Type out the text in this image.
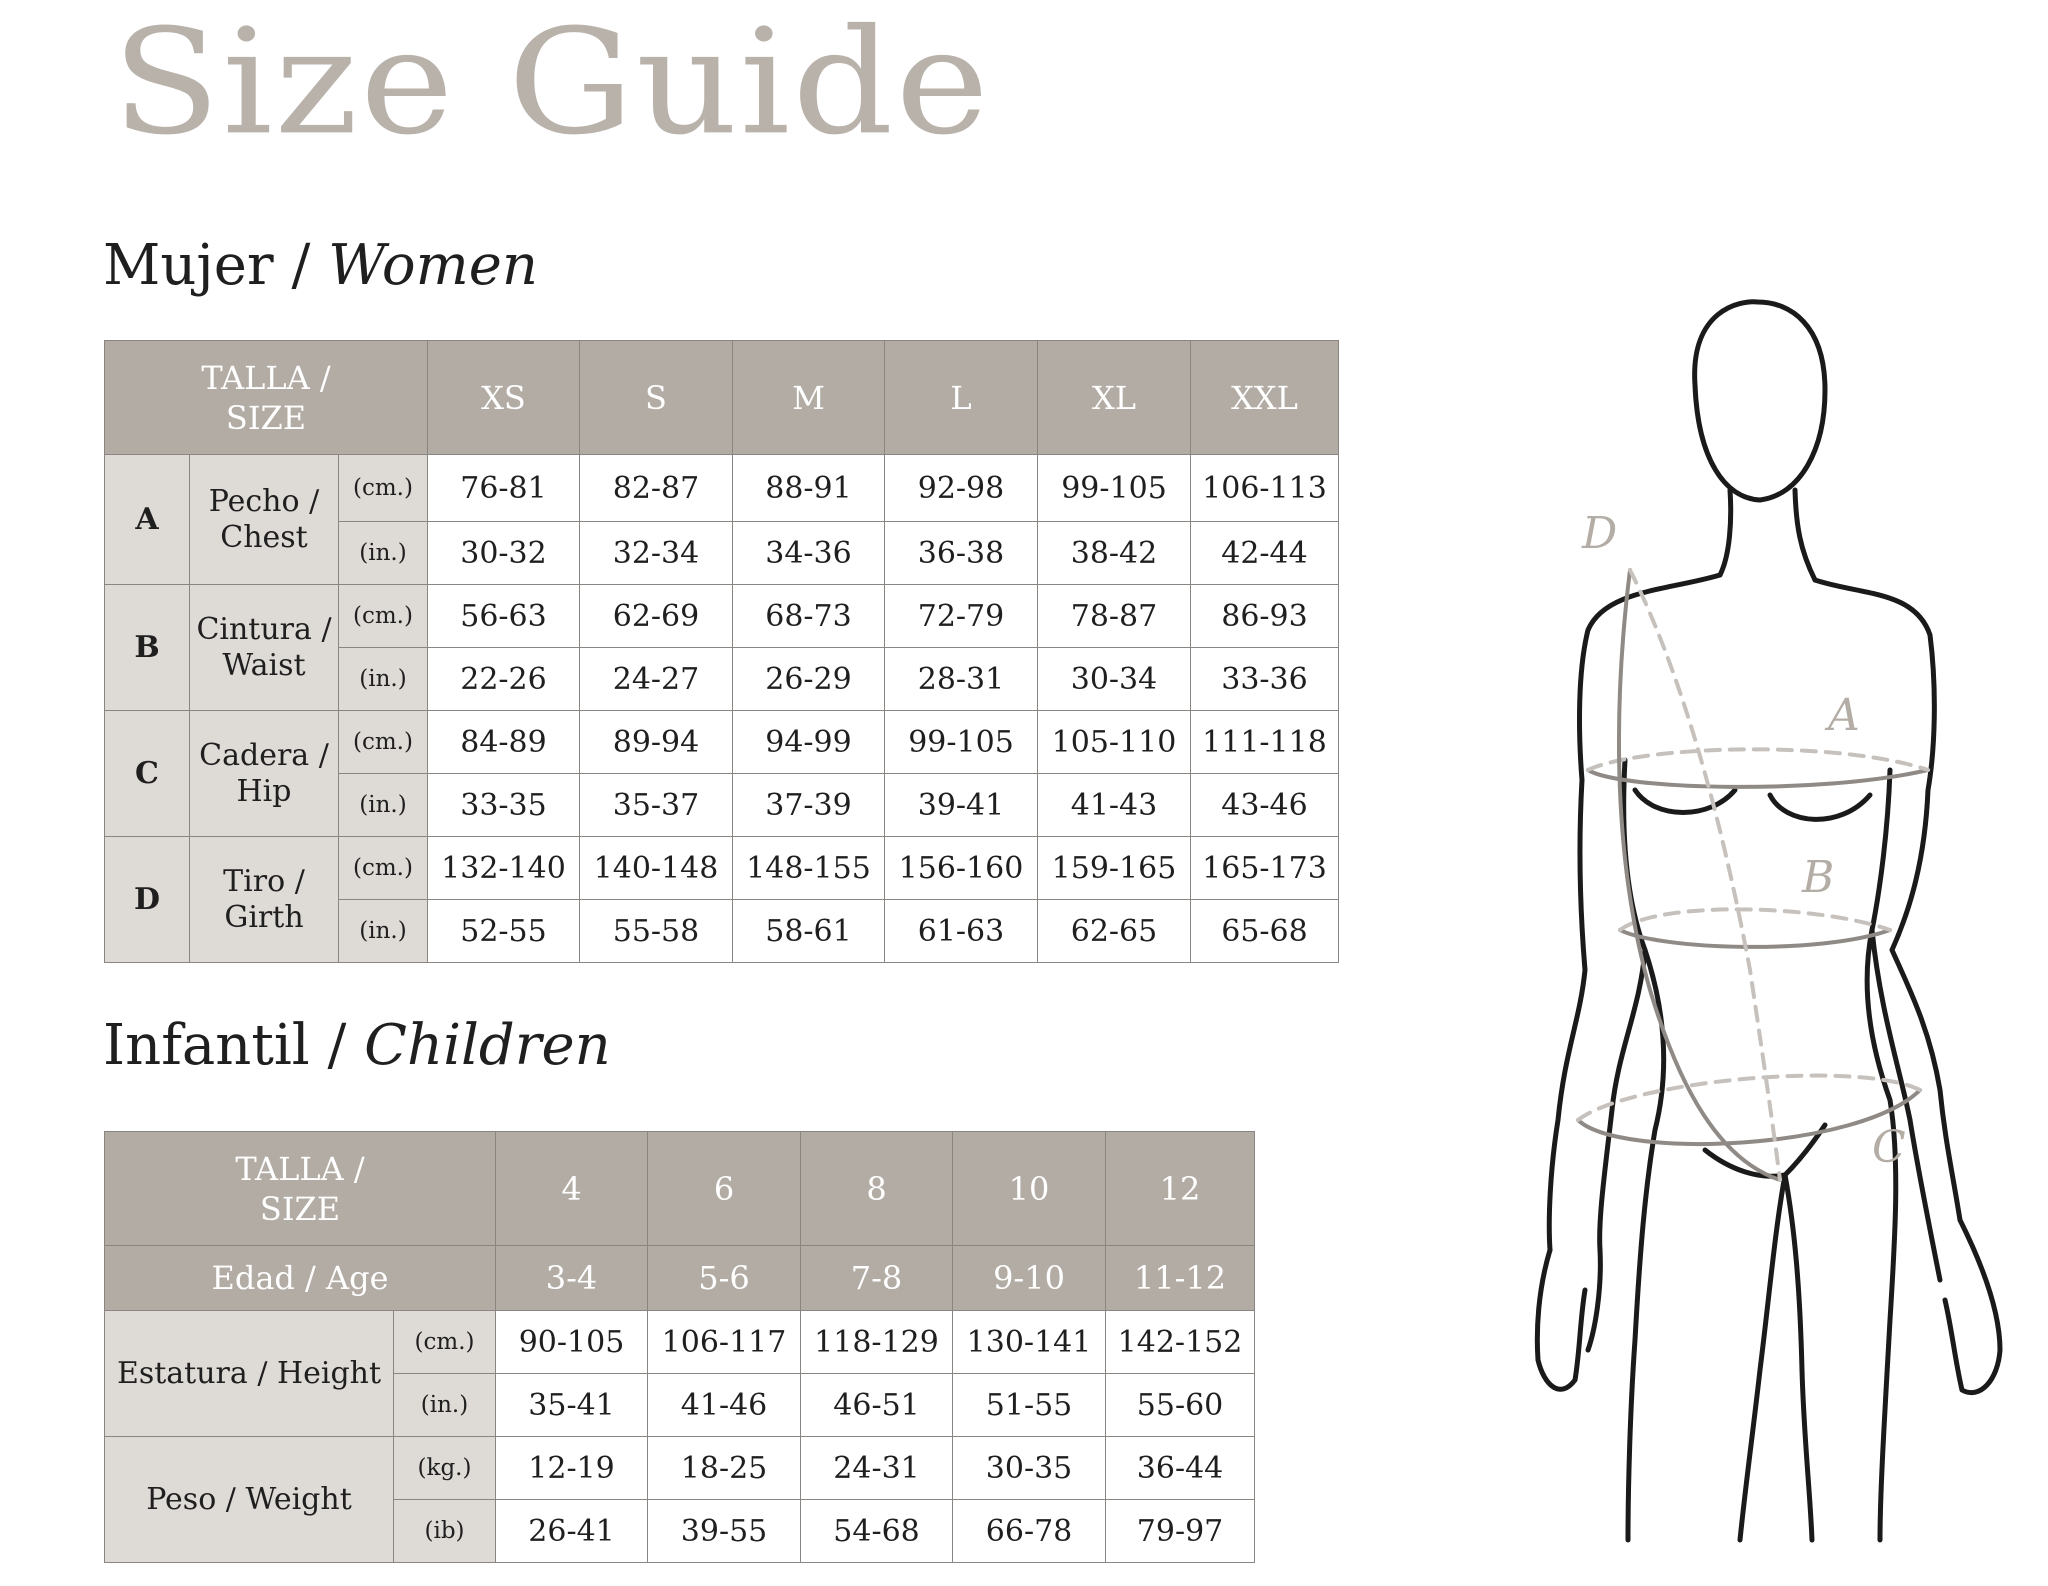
Size Guide
Mujer / Women
TALLA /
SIZE			XS	S	M	L	XL	XXL
A	Pecho /
Chest	(cm.)	76-81	82-87	88-91	92-98	99-105	106-113
		(in.)	30-32	32-34	34-36	36-38	38-42	42-44
B	Cintura /
Waist	(cm.)	56-63	62-69	68-73	72-79	78-87	86-93
		(in.)	22-26	24-27	26-29	28-31	30-34	33-36
C	Cadera /
Hip	(cm.)	84-89	89-94	94-99	99-105	105-110	111-118
		(in.)	33-35	35-37	37-39	39-41	41-43	43-46
D	Tiro /
Girth	(cm.)	132-140	140-148	148-155	156-160	159-165	165-173
		(in.)	52-55	55-58	58-61	61-63	62-65	65-68
Infantil / Children
TALLA /
SIZE		4	6	8	10	12
Edad / Age		3-4	5-6	7-8	9-10	11-12
Estatura / Height	(cm.)	90-105	106-117	118-129	130-141	142-152
	(in.)	35-41	41-46	46-51	51-55	55-60
Peso / Weight	(kg.)	12-19	18-25	24-31	30-35	36-44
	(ib)	26-41	39-55	54-68	66-78	79-97
D
A
B
C
